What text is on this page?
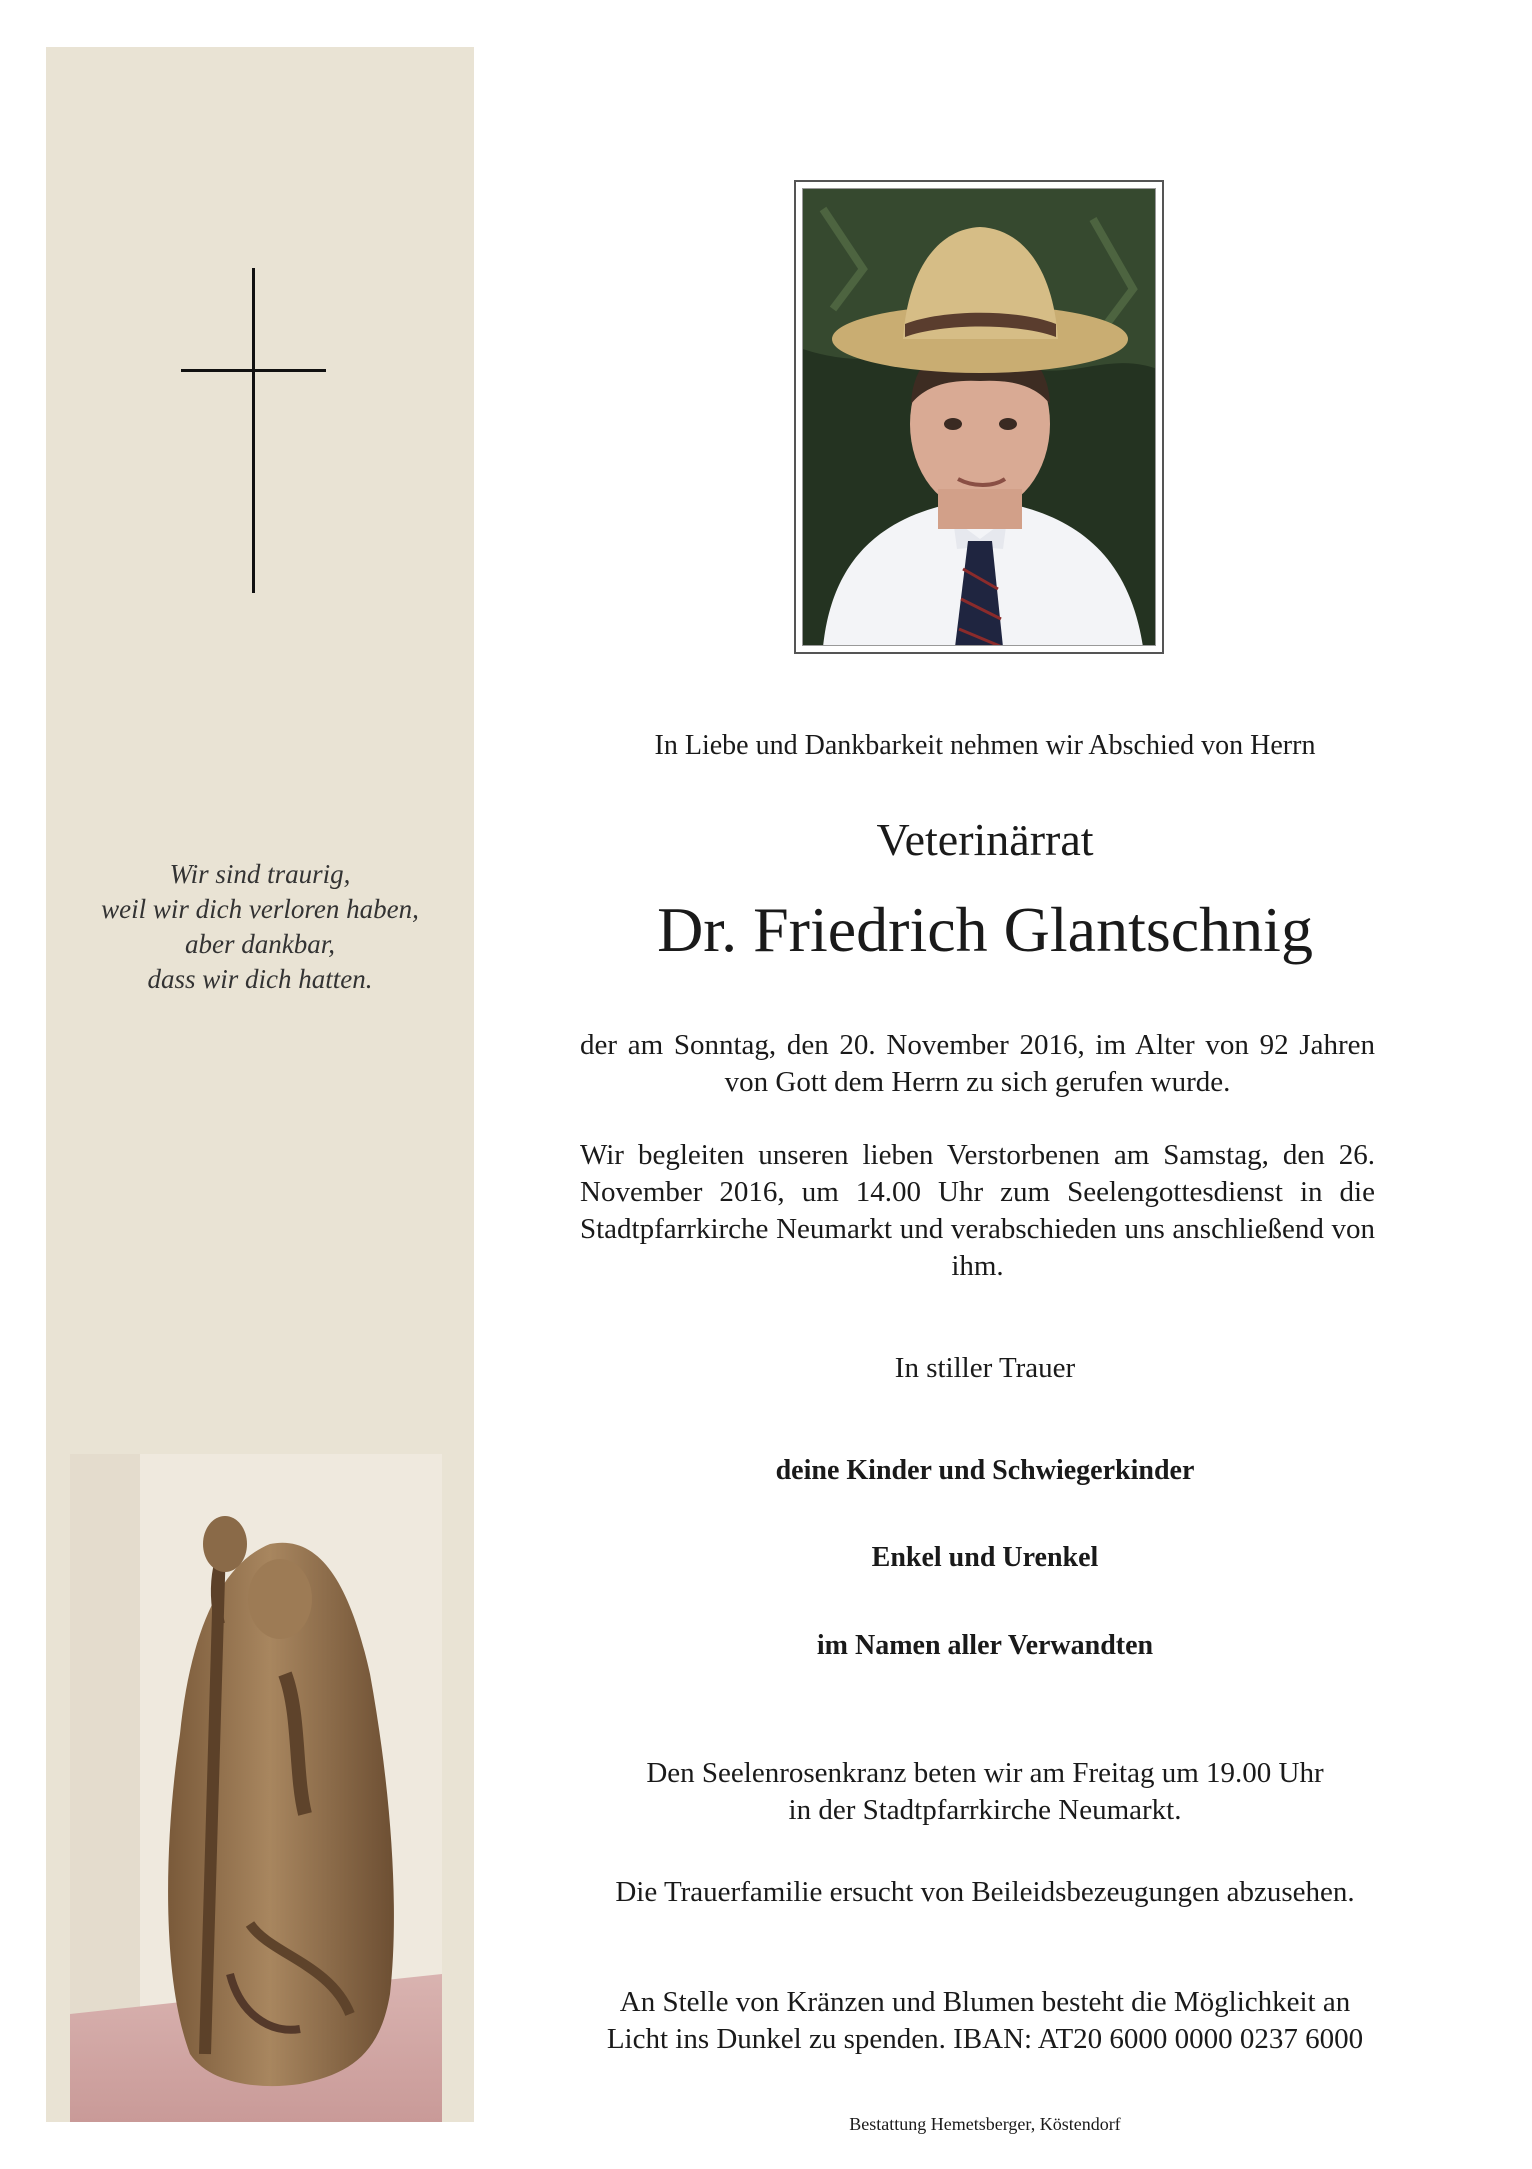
Wir sind traurig,
weil wir dich verloren haben,
aber dankbar,
dass wir dich hatten.
In Liebe und Dankbarkeit nehmen wir Abschied von Herrn
Veterinärrat
Dr. Friedrich Glantschnig
der am Sonntag, den 20. November 2016, im Alter von 92 Jahren von Gott dem Herrn zu sich gerufen wurde.
Wir begleiten unseren lieben Verstorbenen am Samstag, den 26. November 2016, um 14.00 Uhr zum Seelengottesdienst in die Stadtpfarrkirche Neumarkt und verabschieden uns anschließend von ihm.
In stiller Trauer
deine Kinder und Schwiegerkinder
Enkel und Urenkel
im Namen aller Verwandten
Den Seelenrosenkranz beten wir am Freitag um 19.00 Uhr
in der Stadtpfarrkirche Neumarkt.
Die Trauerfamilie ersucht von Beileidsbezeugungen abzusehen.
An Stelle von Kränzen und Blumen besteht die Möglichkeit an
Licht ins Dunkel zu spenden. IBAN: AT20 6000 0000 0237 6000
Bestattung Hemetsberger, Köstendorf
